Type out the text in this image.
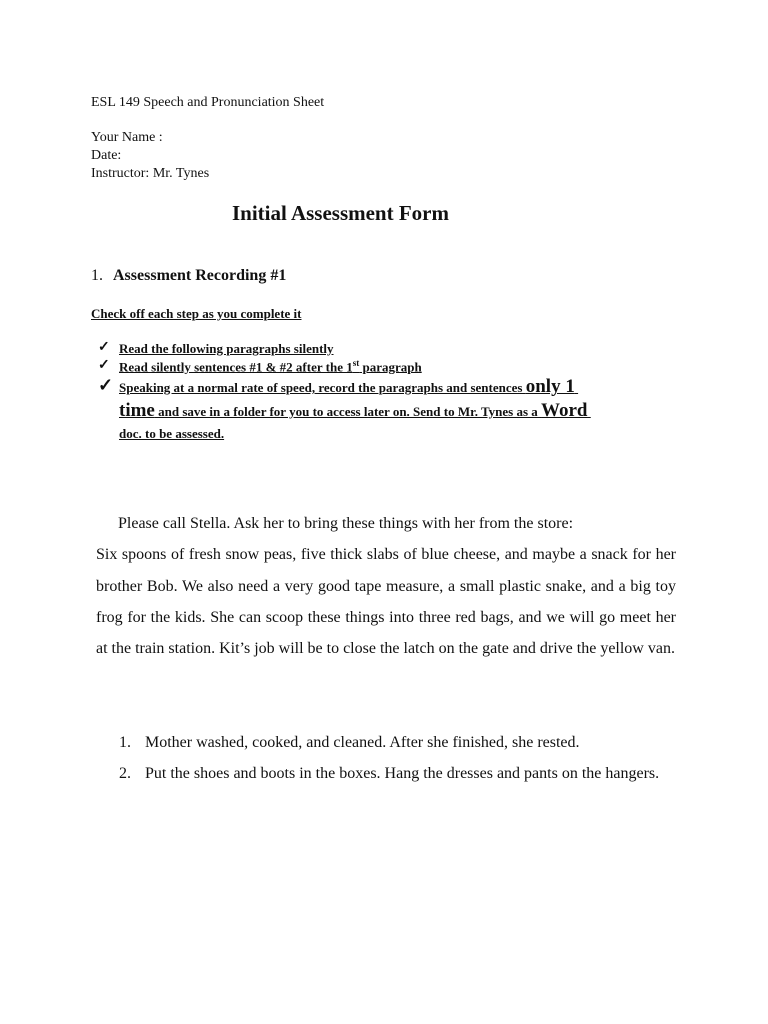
ESL 149 Speech and Pronunciation Sheet
Your Name :
Date:
Instructor: Mr. Tynes
Initial Assessment Form
1. Assessment Recording #1
Check off each step as you complete it
✓ Read the following paragraphs silently
✓ Read silently sentences #1 & #2 after the 1st paragraph
✓ Speaking at a normal rate of speed, record the paragraphs and sentences only 1
time and save in a folder for you to access later on. Send to Mr. Tynes as a Word
doc. to be assessed.
Please call Stella. Ask her to bring these things with her from the store:
Six spoons of fresh snow peas, five thick slabs of blue cheese, and maybe a snack for her brother Bob. We also need a very good tape measure, a small plastic snake, and a big toy frog for the kids. She can scoop these things into three red bags, and we will go meet her at the train station. Kit’s job will be to close the latch on the gate and drive the yellow van.
1. Mother washed, cooked, and cleaned. After she finished, she rested.
2. Put the shoes and boots in the boxes. Hang the dresses and pants on the hangers.
